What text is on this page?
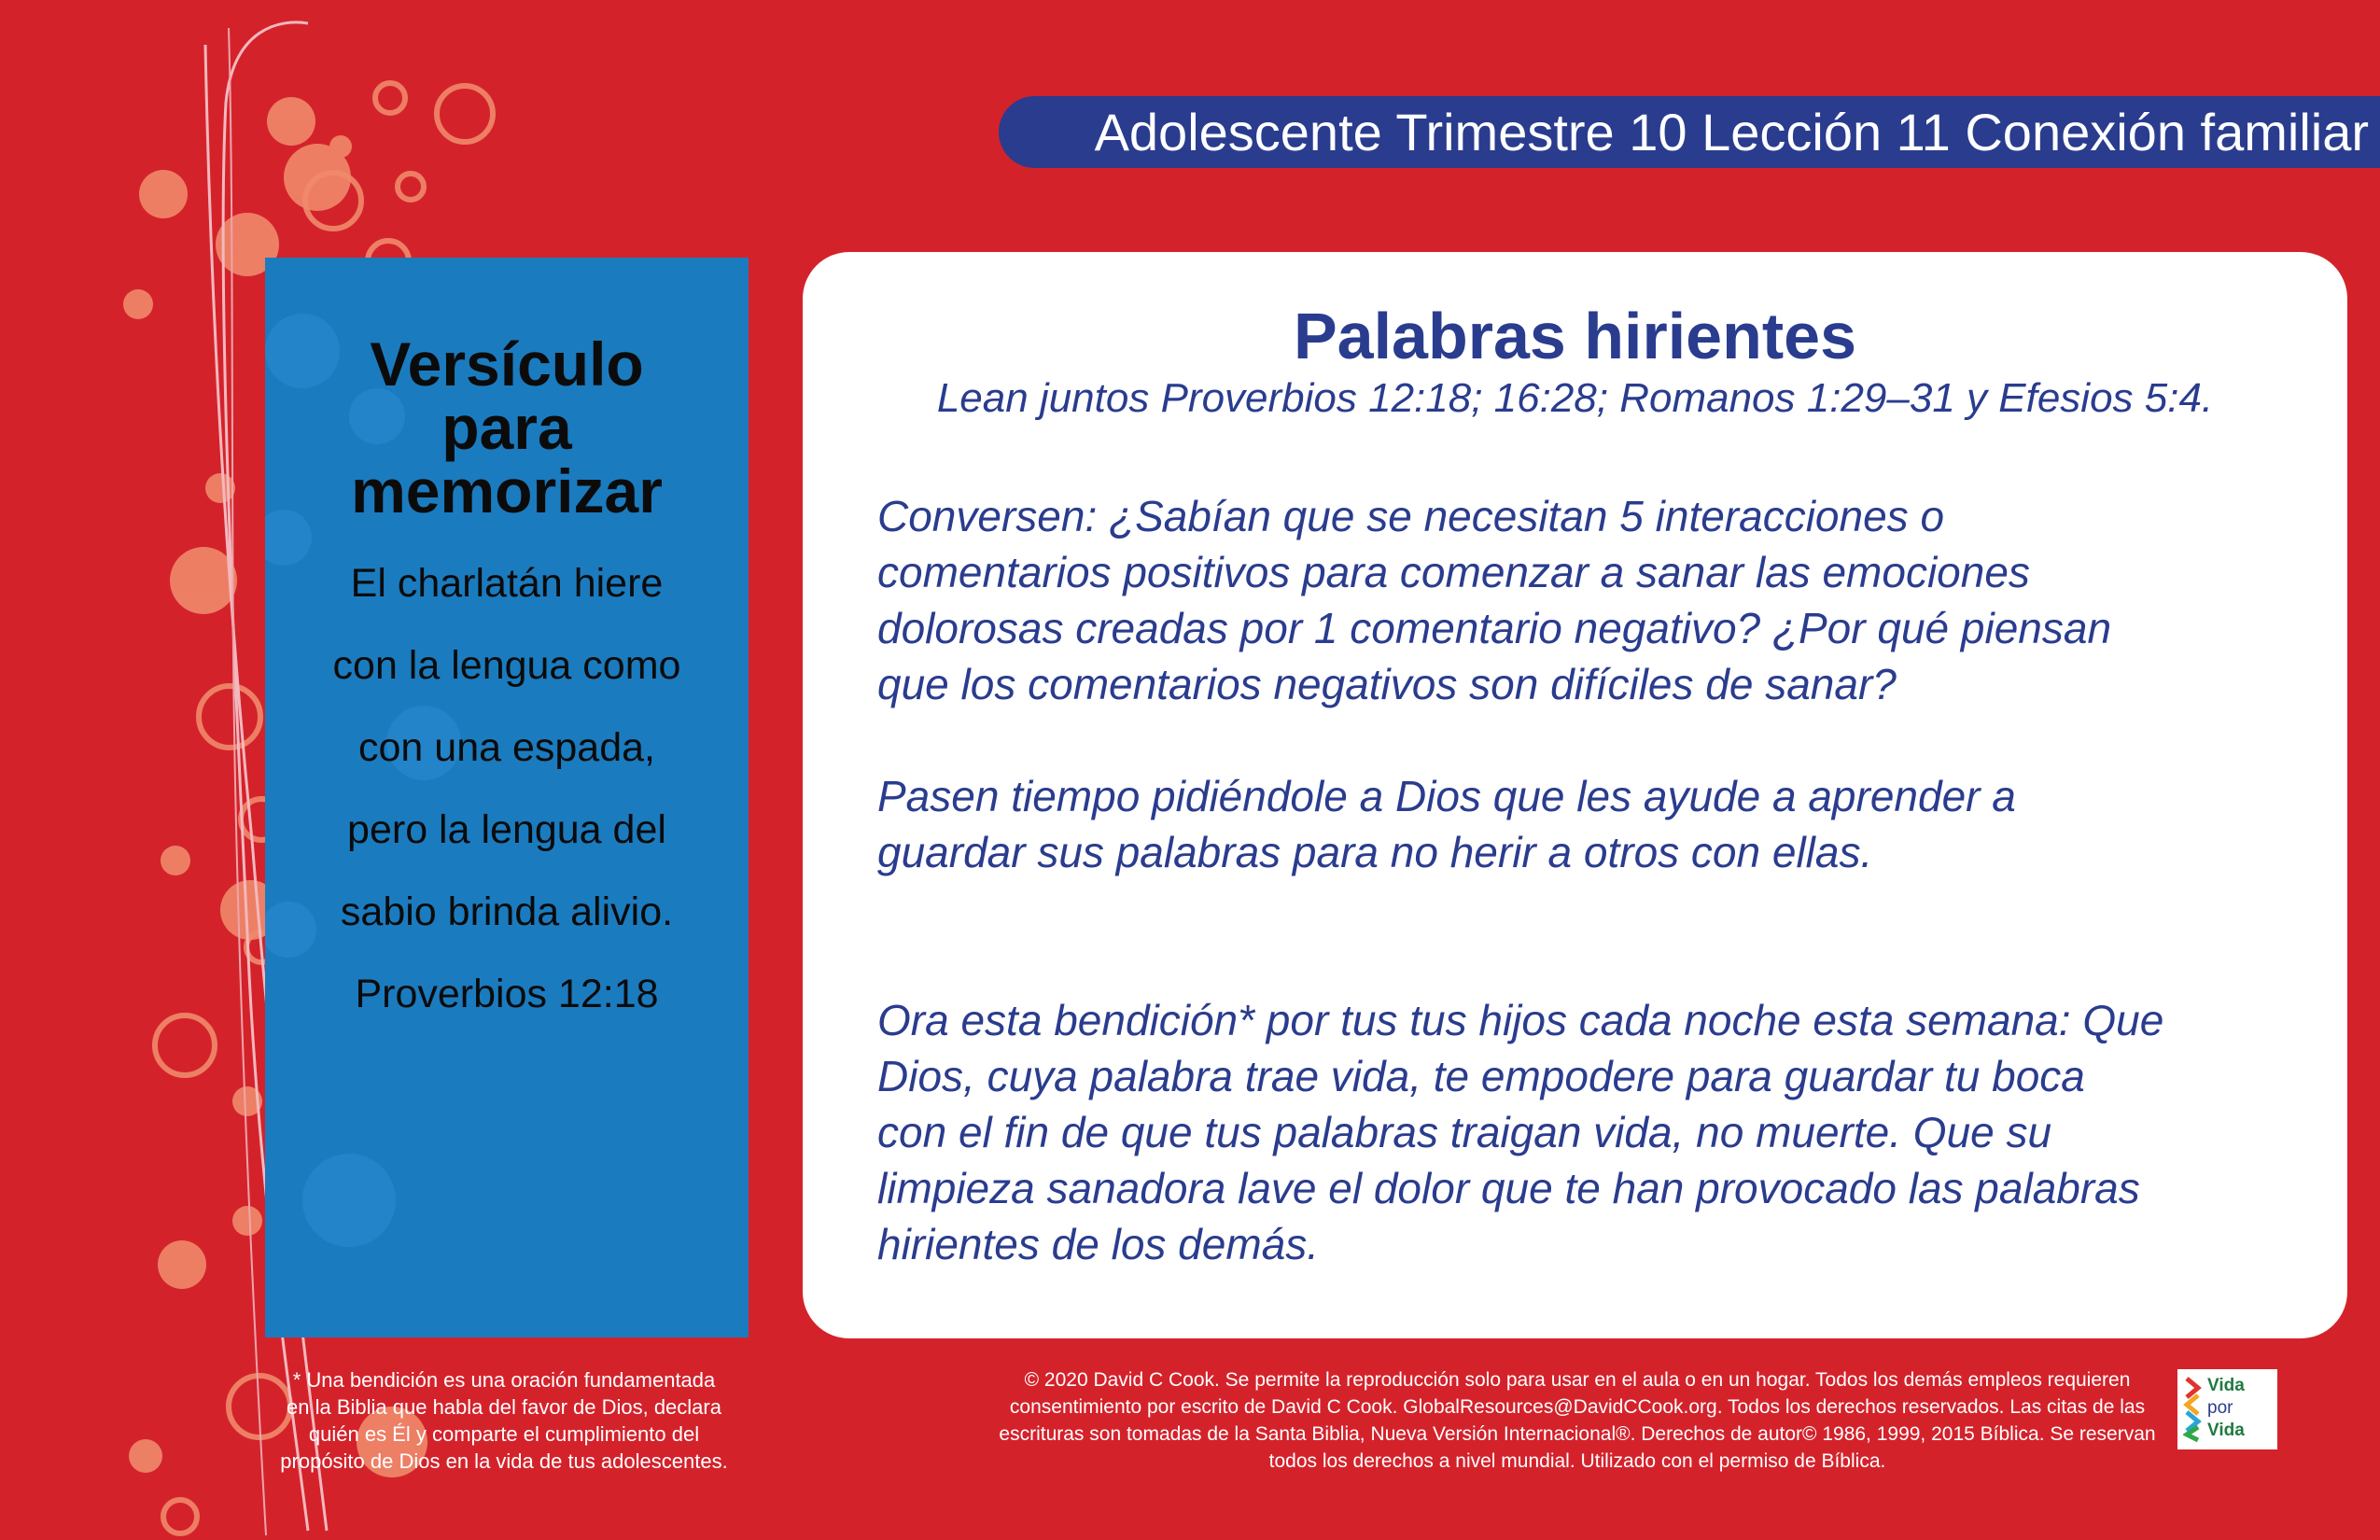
Adolescente Trimestre 10 Lección 11 Conexión familiar
Versículo
para
memorizar
El charlatán hiere
con la lengua como
con una espada,
pero la lengua del
sabio brinda alivio.
Proverbios 12:18
Palabras hirientes
Lean juntos Proverbios 12:18; 16:28; Romanos 1:29–31 y Efesios 5:4.
Conversen: ¿Sabían que se necesitan 5 interacciones o
comentarios positivos para comenzar a sanar las emociones
dolorosas creadas por 1 comentario negativo? ¿Por qué piensan
que los comentarios negativos son difíciles de sanar?
Pasen tiempo pidiéndole a Dios que les ayude a aprender a
guardar sus palabras para no herir a otros con ellas.
Ora esta bendición* por tus tus hijos cada noche esta semana: Que
Dios, cuya palabra trae vida, te empodere para guardar tu boca
con el fin de que tus palabras traigan vida, no muerte. Que su
limpieza sanadora lave el dolor que te han provocado las palabras
hirientes de los demás.
* Una bendición es una oración fundamentada
en la Biblia que habla del favor de Dios, declara
quién es Él y comparte el cumplimiento del
propósito de Dios en la vida de tus adolescentes.
© 2020 David C Cook. Se permite la reproducción solo para usar en el aula o en un hogar. Todos los demás empleos requieren
consentimiento por escrito de David C Cook. GlobalResources@DavidCCook.org. Todos los derechos reservados. Las citas de las
escrituras son tomadas de la Santa Biblia, Nueva Versión Internacional®. Derechos de autor© 1986, 1999, 2015 Bíblica. Se reservan
todos los derechos a nivel mundial. Utilizado con el permiso de Bíblica.
Vida
por
Vida
